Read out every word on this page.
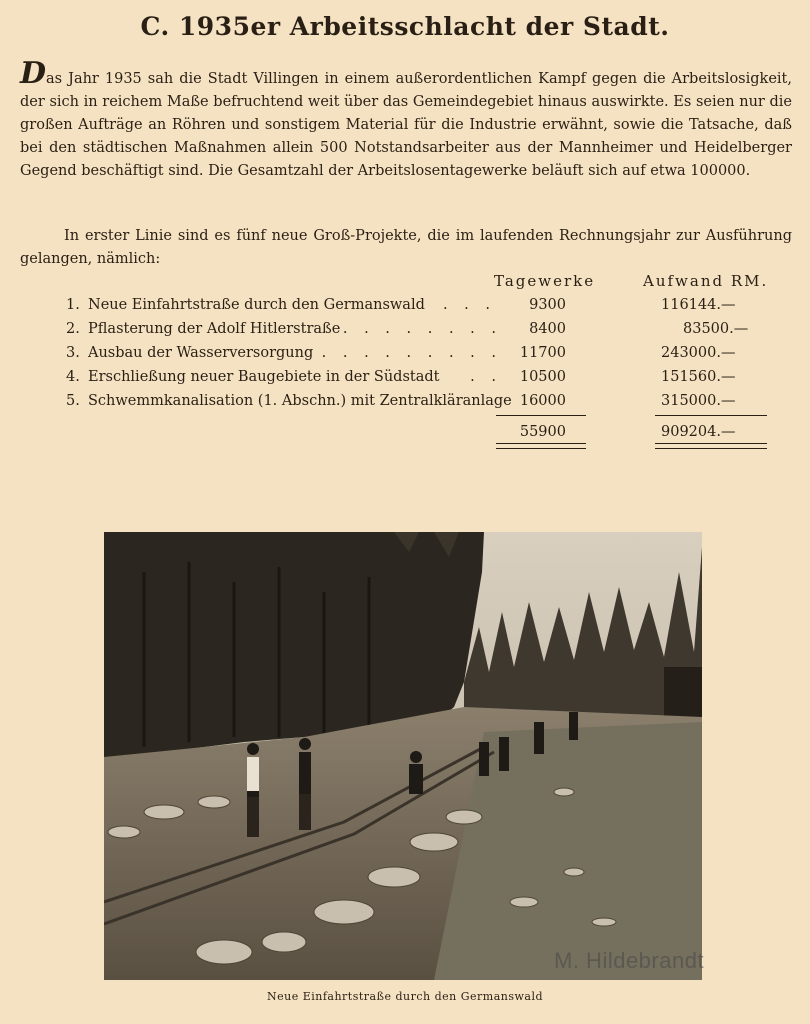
C. 1935er Arbeitsschlacht der Stadt.

Das Jahr 1935 sah die Stadt Villingen in einem außerordentlichen Kampf gegen die Arbeitslosigkeit, der sich in reichem Maße befruchtend weit über das Gemeindegebiet hinaus auswirkte. Es seien nur die großen Aufträge an Röhren und sonstigem Material für die Industrie erwähnt, sowie die Tatsache, daß bei den städtischen Maßnahmen allein 500 Notstandsarbeiter aus der Mannheimer und Heidelberger Gegend beschäftigt sind. Die Gesamtzahl der Arbeitslosentagewerke beläuft sich auf etwa 100000.

In erster Linie sind es fünf neue Groß-Projekte, die im laufenden Rechnungsjahr zur Ausführung gelangen, nämlich:

Tagewerke	Aufwand RM.
1. Neue Einfahrtstraße durch den Germanswald	. . .	9300	116144.—
2. Pflasterung der Adolf Hitlerstraße . . . . . . . .	8400	83500.—
3. Ausbau der Wasserversorgung . . . . . . . . .	11700	243000.—
4. Erschließung neuer Baugebiete in der Südstadt	. .	10500	151560.—
5. Schwemmkanalisation (1. Abschn.) mit Zentralkläranlage 16000	315000.—
55900	909204.—
M. Hildebrandt
Neue Einfahrtstraße durch den Germanswald
